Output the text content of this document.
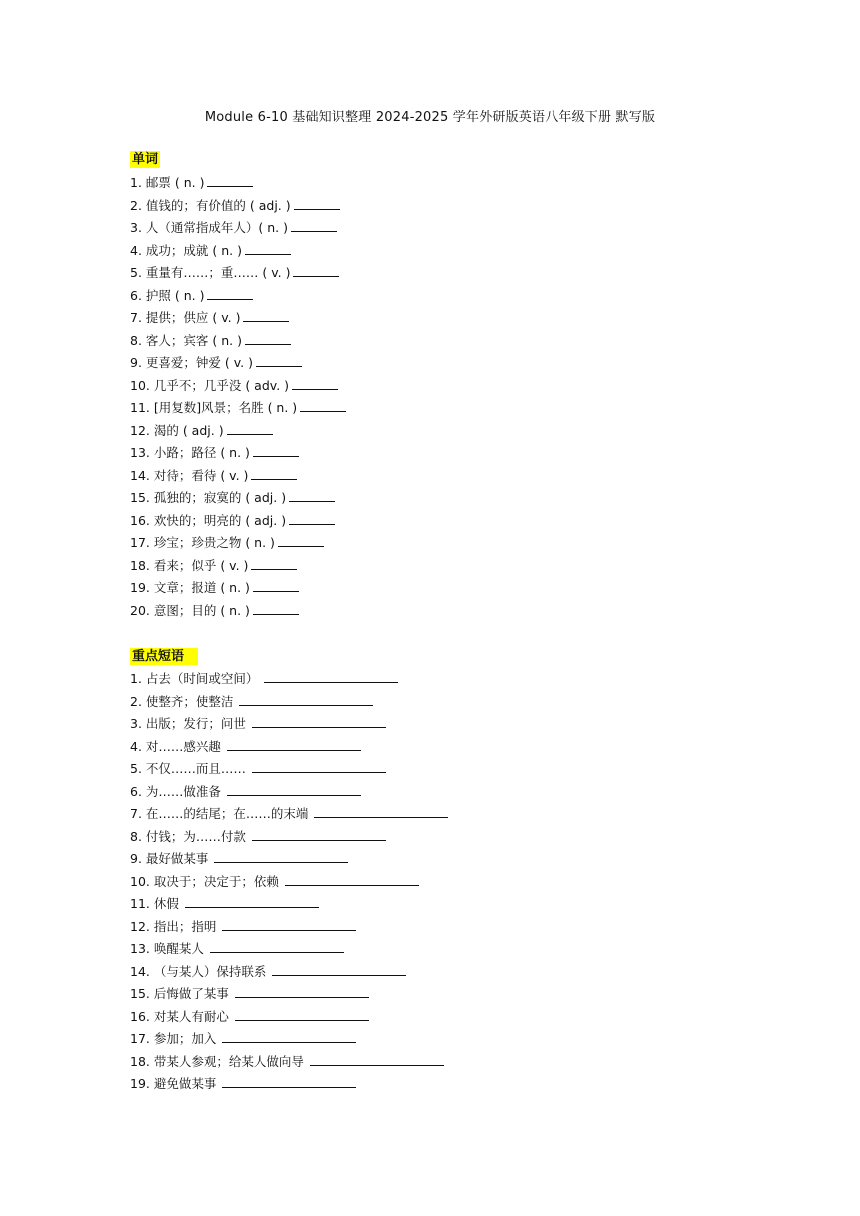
Module 6-10 基础知识整理 2024-2025 学年外研版英语八年级下册 默写版
单词
1. 邮票 ( n. )
2. 值钱的；有价值的 ( adj. )
3. 人（通常指成年人）( n. )
4. 成功；成就 ( n. )
5. 重量有……；重…… ( v. )
6. 护照 ( n. )
7. 提供；供应 ( v. )
8. 客人；宾客 ( n. )
9. 更喜爱；钟爱 ( v. )
10. 几乎不；几乎没 ( adv. )
11. [用复数]风景；名胜 ( n. )
12. 渴的 ( adj. )
13. 小路；路径 ( n. )
14. 对待；看待 ( v. )
15. 孤独的；寂寞的 ( adj. )
16. 欢快的；明亮的 ( adj. )
17. 珍宝；珍贵之物 ( n. )
18. 看来；似乎 ( v. )
19. 文章；报道 ( n. )
20. 意图；目的 ( n. )
重点短语
1. 占去（时间或空间）
2. 使整齐；使整洁
3. 出版；发行；问世
4. 对……感兴趣
5. 不仅……而且……
6. 为……做准备
7. 在……的结尾；在……的末端
8. 付钱；为……付款
9. 最好做某事
10. 取决于；决定于；依赖
11. 休假
12. 指出；指明
13. 唤醒某人
14. （与某人）保持联系
15. 后悔做了某事
16. 对某人有耐心
17. 参加；加入
18. 带某人参观；给某人做向导
19. 避免做某事
